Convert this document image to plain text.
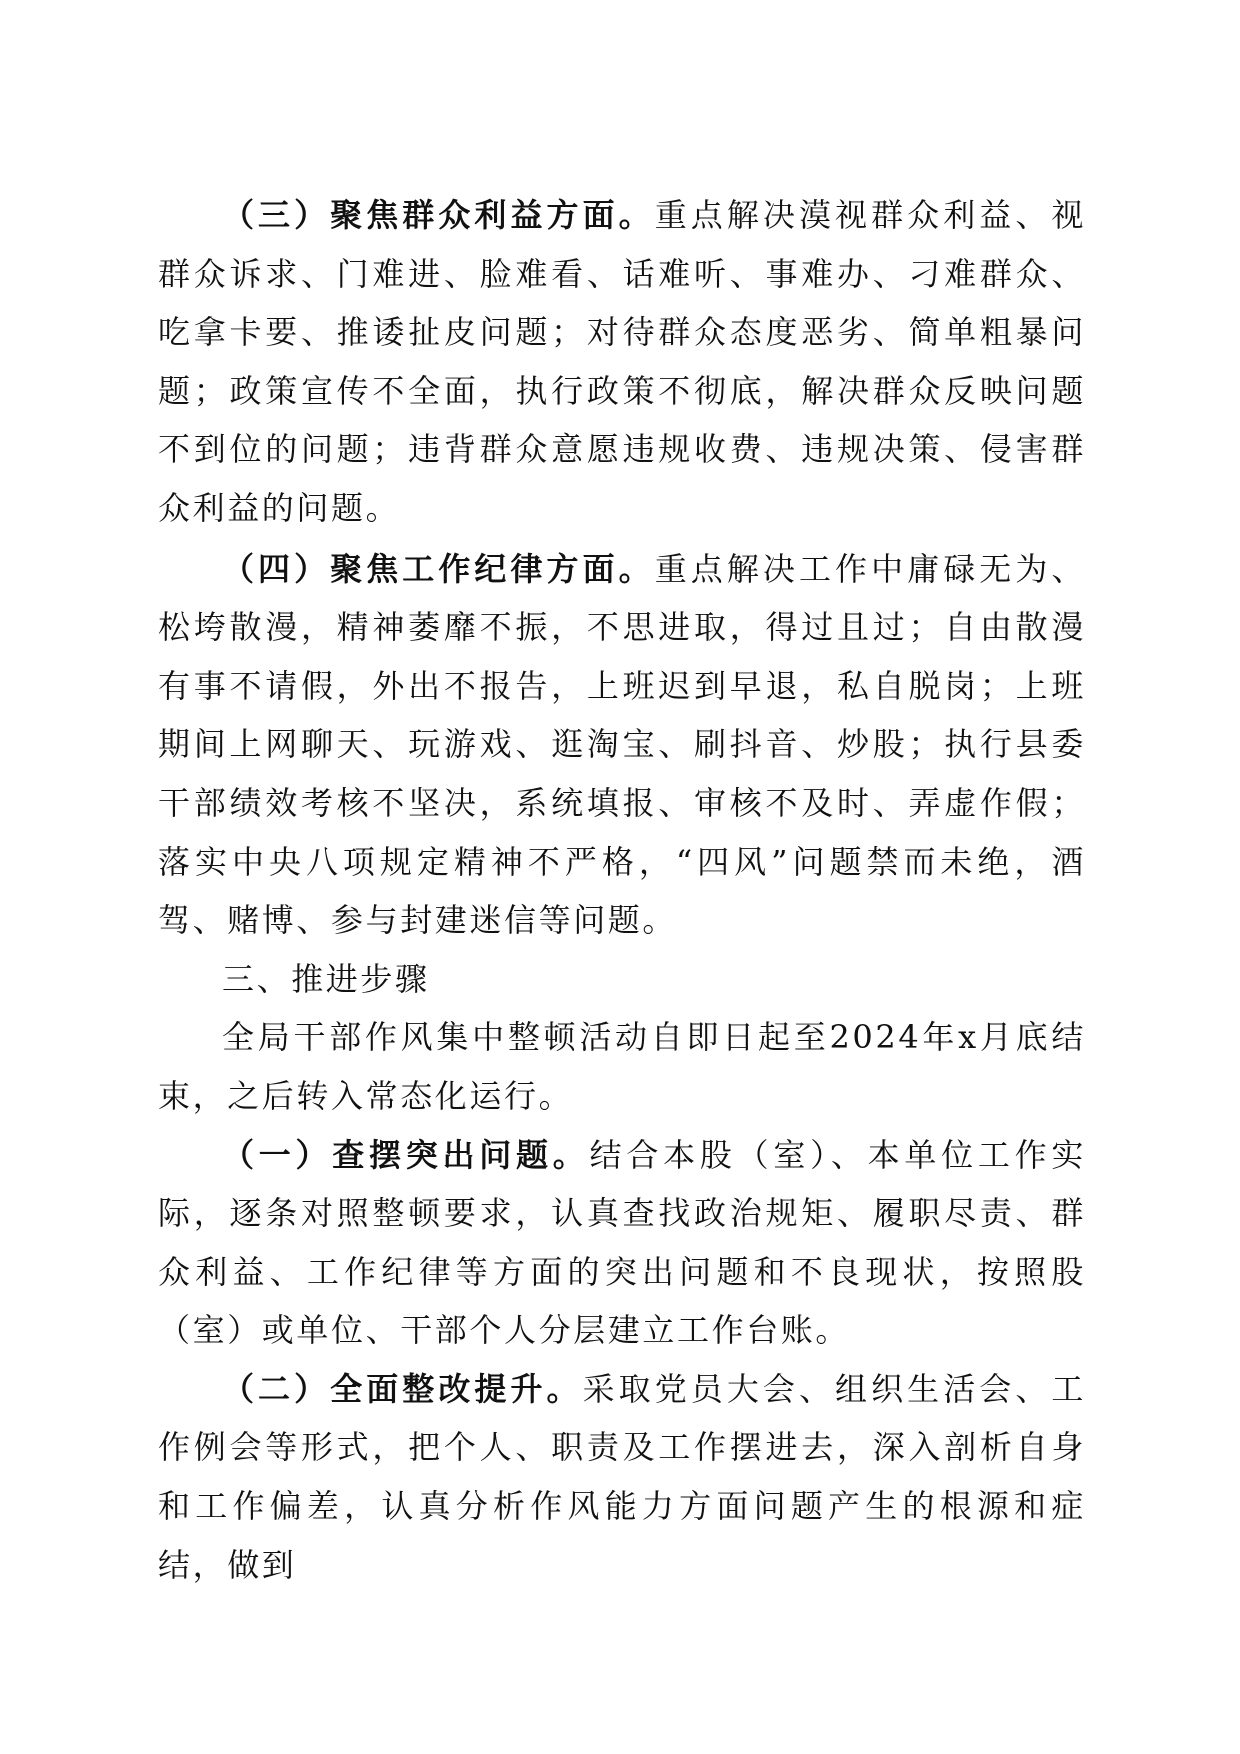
（三）聚焦群众利益方面。重点解决漠视群众利益、视群众诉求、门难进、脸难看、话难听、事难办、刁难群众、吃拿卡要、推诿扯皮问题；对待群众态度恶劣、简单粗暴问题；政策宣传不全面，执行政策不彻底，解决群众反映问题不到位的问题；违背群众意愿违规收费、违规决策、侵害群众利益的问题。

（四）聚焦工作纪律方面。重点解决工作中庸碌无为、松垮散漫，精神萎靡不振，不思进取，得过且过；自由散漫有事不请假，外出不报告，上班迟到早退，私自脱岗；上班期间上网聊天、玩游戏、逛淘宝、刷抖音、炒股；执行县委干部绩效考核不坚决，系统填报、审核不及时、弄虚作假；落实中央八项规定精神不严格，“四风”问题禁而未绝，酒驾、赌博、参与封建迷信等问题。

三、推进步骤

全局干部作风集中整顿活动自即日起至2024年x月底结束，之后转入常态化运行。

（一）查摆突出问题。结合本股（室）、本单位工作实际，逐条对照整顿要求，认真查找政治规矩、履职尽责、群众利益、工作纪律等方面的突出问题和不良现状，按照股（室）或单位、干部个人分层建立工作台账。

（二）全面整改提升。采取党员大会、组织生活会、工作例会等形式，把个人、职责及工作摆进去，深入剖析自身和工作偏差，认真分析作风能力方面问题产生的根源和症结，做到
